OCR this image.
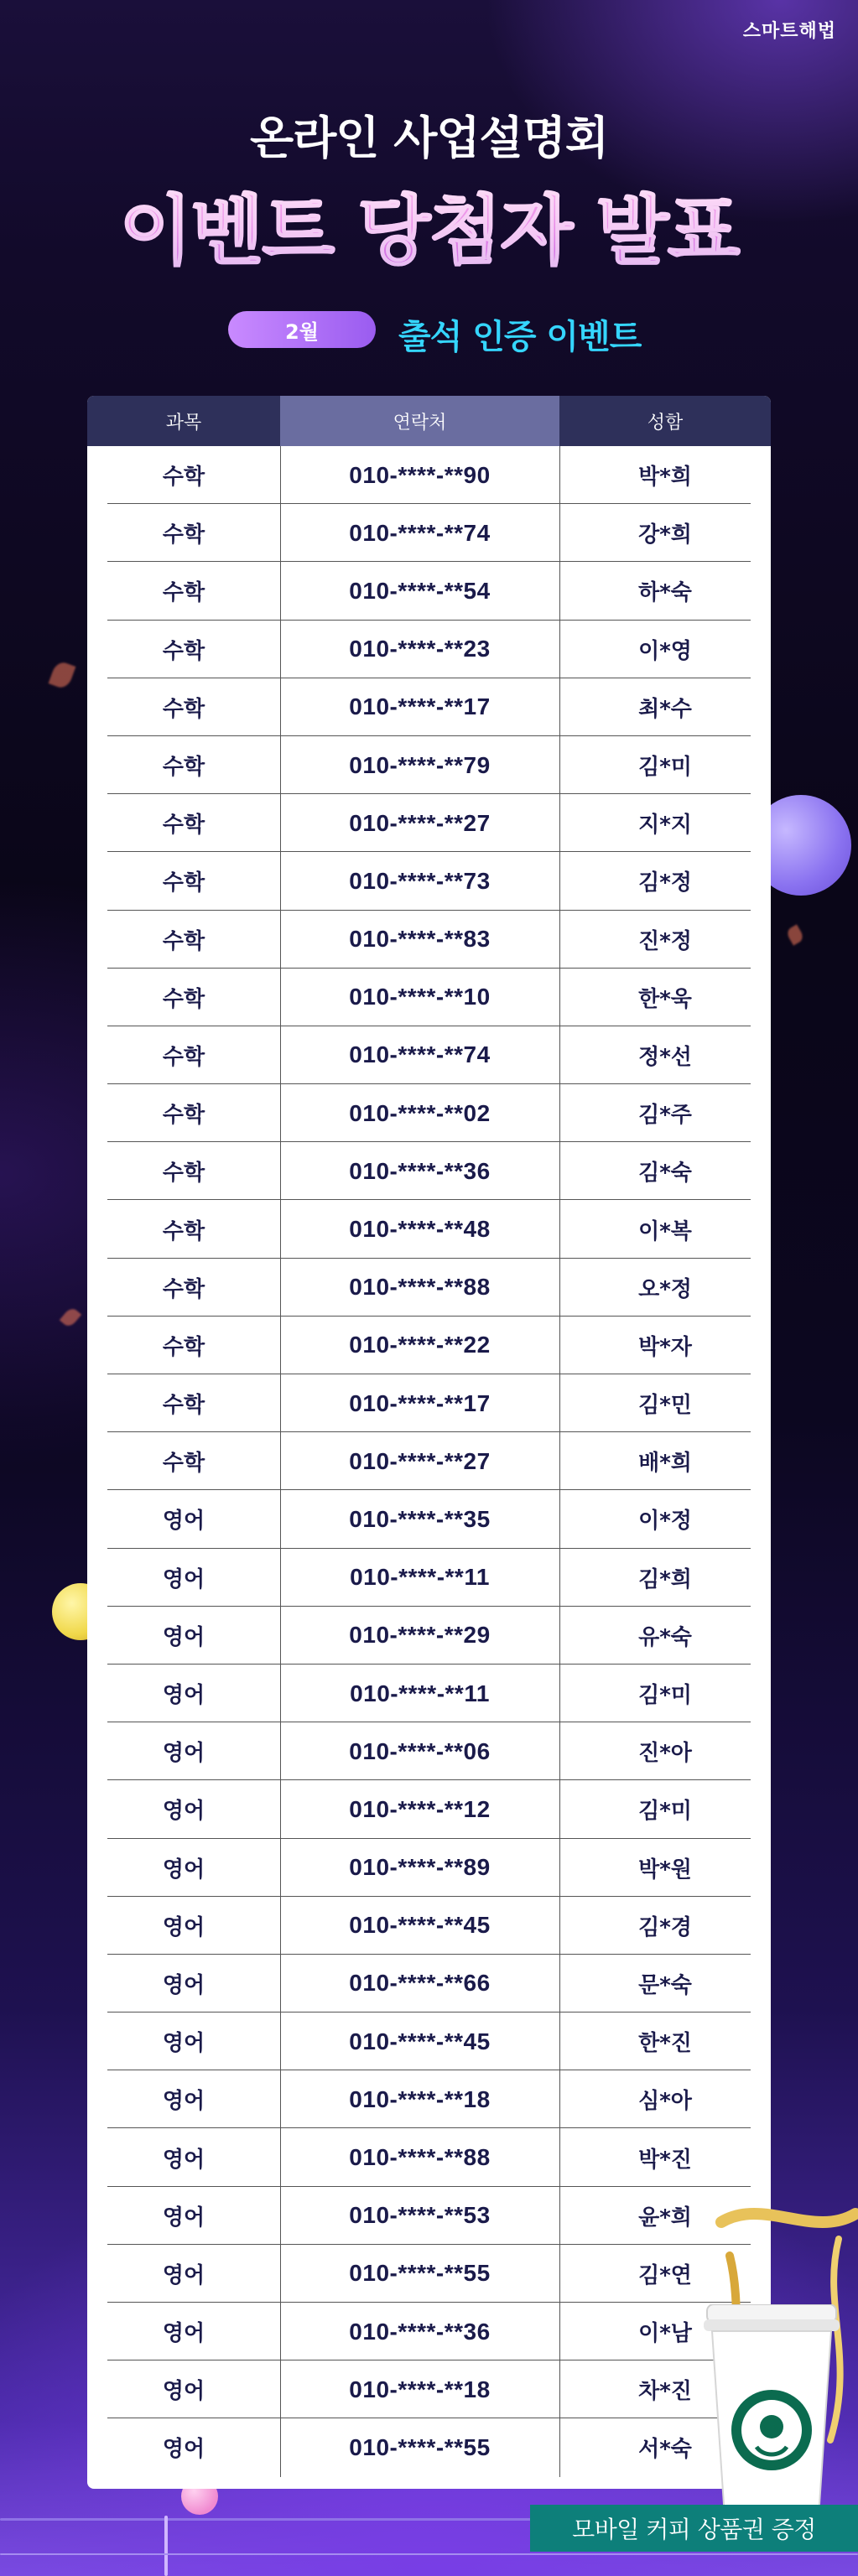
스마트해법
온라인 사업설명회
이벤트 당첨자 발표
2월	출석 인증 이벤트
과목	연락처	성함
수학	010-****-**90	박*희
수학	010-****-**74	강*희
수학	010-****-**54	하*숙
수학	010-****-**23	이*영
수학	010-****-**17	최*수
수학	010-****-**79	김*미
수학	010-****-**27	지*지
수학	010-****-**73	김*정
수학	010-****-**83	진*정
수학	010-****-**10	한*욱
수학	010-****-**74	정*선
수학	010-****-**02	김*주
수학	010-****-**36	김*숙
수학	010-****-**48	이*복
수학	010-****-**88	오*정
수학	010-****-**22	박*자
수학	010-****-**17	김*민
수학	010-****-**27	배*희
영어	010-****-**35	이*정
영어	010-****-**11	김*희
영어	010-****-**29	유*숙
영어	010-****-**11	김*미
영어	010-****-**06	진*아
영어	010-****-**12	김*미
영어	010-****-**89	박*원
영어	010-****-**45	김*경
영어	010-****-**66	문*숙
영어	010-****-**45	한*진
영어	010-****-**18	심*아
영어	010-****-**88	박*진
영어	010-****-**53	윤*희
영어	010-****-**55	김*연
영어	010-****-**36	이*남
영어	010-****-**18	차*진
영어	010-****-**55	서*숙
모바일 커피 상품권 증정
